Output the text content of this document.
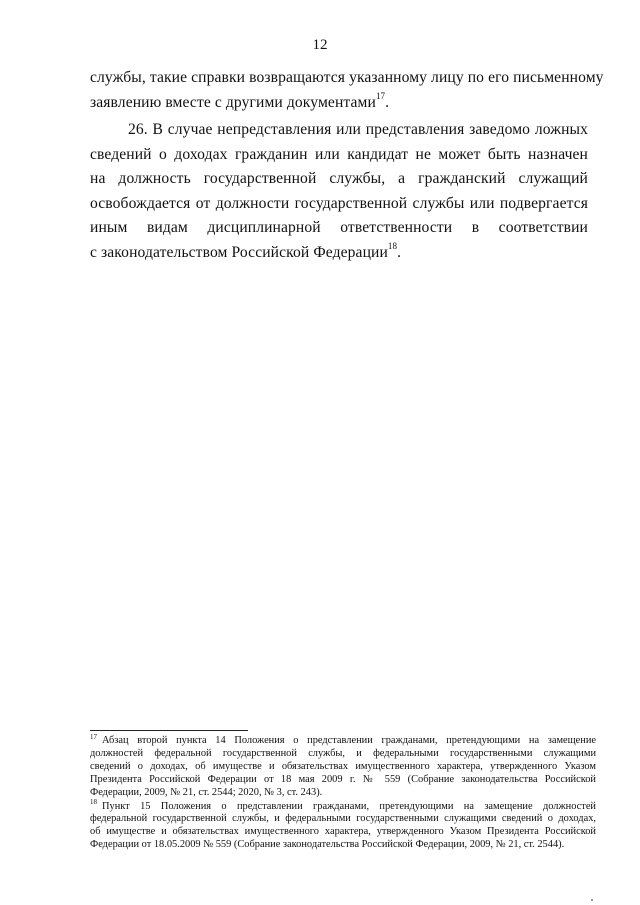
12
службы, такие справки возвращаются указанному лицу по его письменному
заявлению вместе с другими документами$^{17}$.
26. В случае непредставления или представления заведомо ложных
сведений о доходах гражданин или кандидат не может быть назначен
на должность государственной службы, а гражданский служащий
освобождается от должности государственной службы или подвергается
иным видам дисциплинарной ответственности в соответствии
с законодательством Российской Федерации$^{18}$.
$^{17}$ Абзац второй пункта 14 Положения о представлении гражданами, претендующими на замещение
должностей федеральной государственной службы, и федеральными государственными служащими
сведений о доходах, об имуществе и обязательствах имущественного характера, утвержденного Указом
Президента Российской Федерации от 18 мая 2009 г. № 559 (Собрание законодательства Российской
Федерации, 2009, № 21, ст. 2544; 2020, № 3, ст. 243).
$^{18}$ Пункт 15 Положения о представлении гражданами, претендующими на замещение должностей
федеральной государственной службы, и федеральными государственными служащими сведений о доходах,
об имуществе и обязательствах имущественного характера, утвержденного Указом Президента Российской
Федерации от 18.05.2009 № 559 (Собрание законодательства Российской Федерации, 2009, № 21, ст. 2544).
